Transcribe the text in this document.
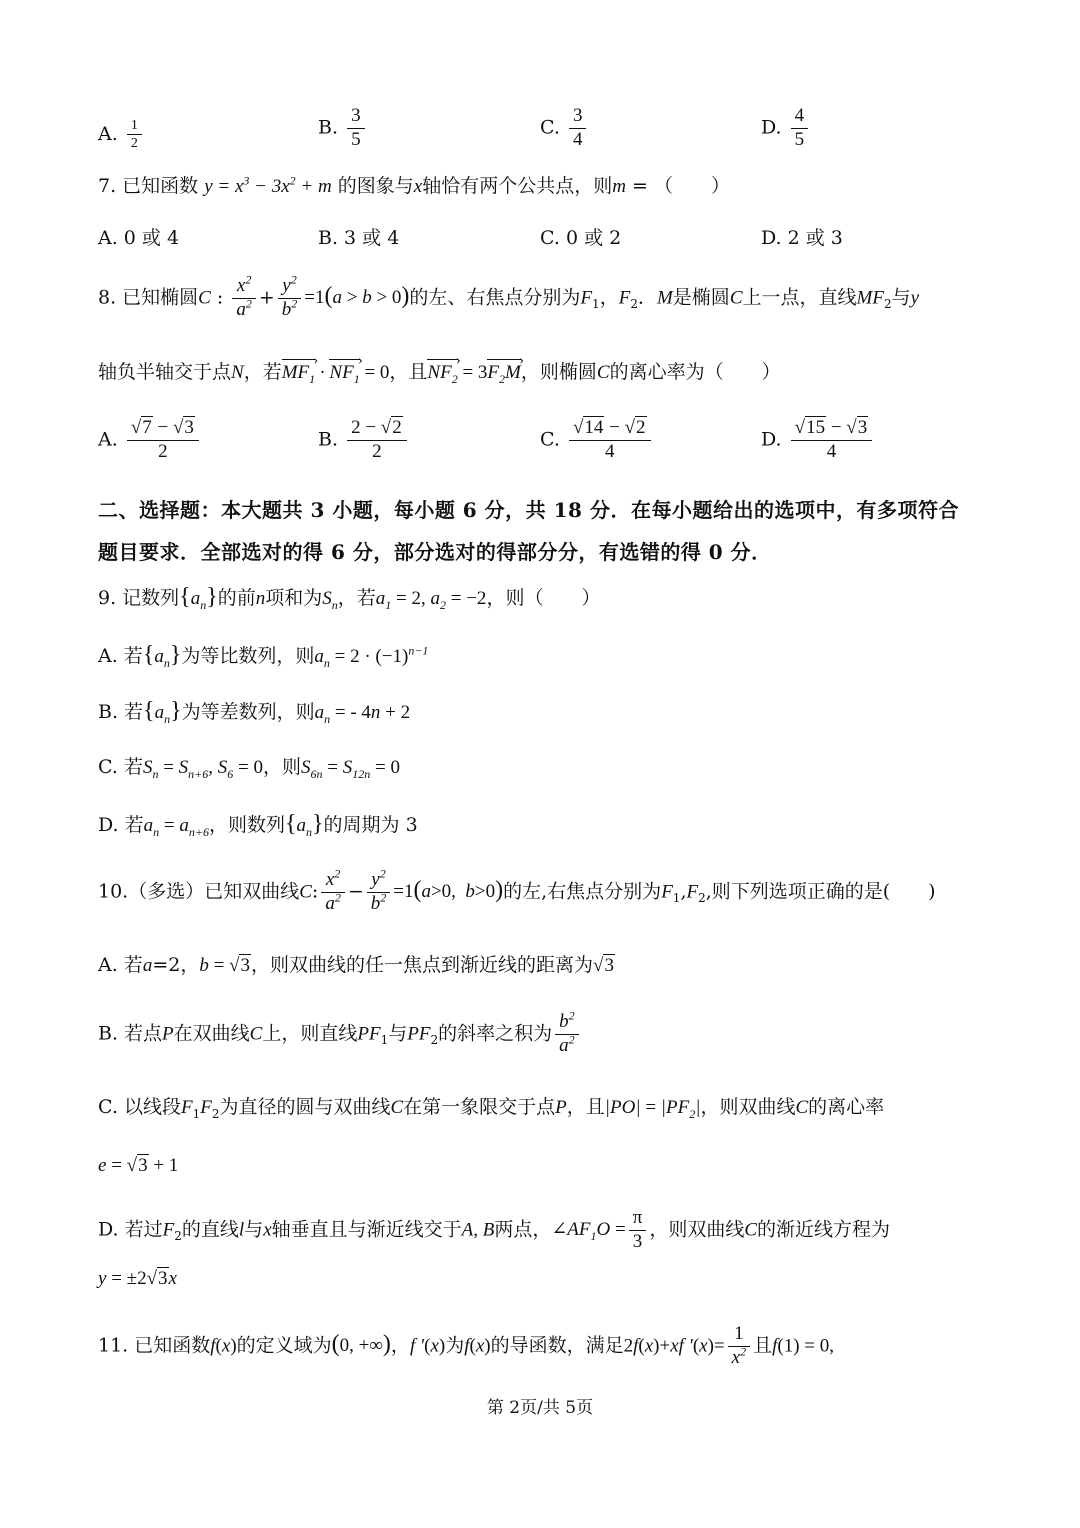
A. $\frac{1}{2}$	B. $\frac{3}{5}$	C. $\frac{3}{4}$	D. $\frac{4}{5}$
7. 已知函数 $y = x^3 - 3x^2 + m$ 的图象与x轴恰有两个公共点，则m = （　　）
A. 0 或 4	B. 3 或 4	C. 0 或 2	D. 2 或 3
8. 已知椭圆C : $\frac{x^2}{a^2} + \frac{y^2}{b^2} =1(a > b > 0)$的左、右焦点分别为$F_1$，$F_2$．M是椭圆C上一点，直线$MF_2$与y
轴负半轴交于点N，若$MF_1$ › · $NF_1$ › = 0，且$NF_2$ › = $3F_2M$ ›，则椭圆C的离心率为（　　）
A. $\frac{√7 - √3}{2}$	B. $\frac{2 - √2}{2}$	C. $\frac{√14 - √2}{4}$	D. $\frac{√15 - √3}{4}$
二、选择题：本大题共 3 小题，每小题 6 分，共 18 分．在每小题给出的选项中，有多项符合
题目要求．全部选对的得 6 分，部分选对的得部分分，有选错的得 0 分．
9. 记数列$\{a_n\}$的前n项和为$S_n$，若$a_1 = 2$, $a_2 = -2$，则（　　）
A. 若$\{a_n\}$为等比数列，则$a_n = 2 \cdot (-1)^{n-1}$
B. 若$\{a_n\}$为等差数列，则$a_n$ = - 4n + 2
C. 若$S_n = S_{n+6}$, $S_6 = 0$，则$S_{6n} = S_{12n} = 0$
D. 若$a_n = a_{n+6}$，则数列$\{a_n\}$的周期为 3
10.（多选）已知双曲线C: $\frac{x^2}{a^2} - \frac{y^2}{b^2} =1(a>0$,  b>0)的左,右焦点分别为$F_1,F_2$,则下列选项正确的是(　　)
A. 若a=2，b = √3，则双曲线的任一焦点到渐近线的距离为√3
B. 若点P在双曲线C上，则直线$PF_1$与$PF_2$的斜率之积为 $\frac{b^2}{a^2}$
C. 以线段$F_1F_2$为直径的圆与双曲线C在第一象限交于点P，且$|PO| = |PF_2|$，则双曲线C的离心率
e = √3 + 1
D. 若过$F_2$的直线l与x轴垂直且与渐近线交于A, B两点，$\angle AF_1O = \frac{\pi}{3}$ ，则双曲线C的渐近线方程为
y = ±2√3x
11. 已知函数f(x)的定义域为(0, +∞)，f ′(x)为f(x)的导函数，满足2f(x)+xf $'(x)= \frac{1}{x^2}$ 且f(1) = 0,
第 2页/共 5页
